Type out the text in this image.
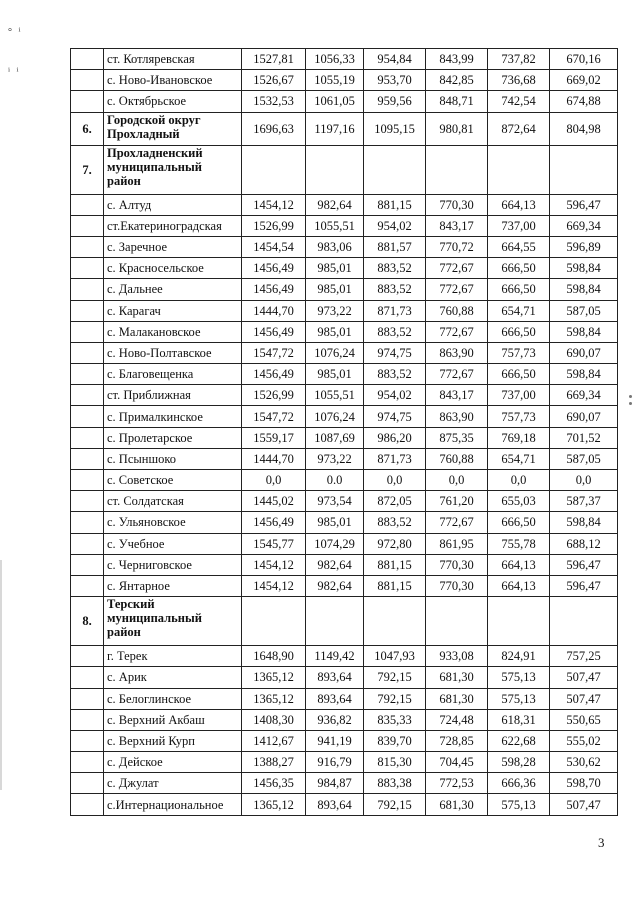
° ⁱ
ⁱ ⁱ
	ст. Котляревская	1527,81	1056,33	954,84	843,99	737,82	670,16
	с. Ново-Ивановское	1526,67	1055,19	953,70	842,85	736,68	669,02
	с. Октябрьское	1532,53	1061,05	959,56	848,71	742,54	674,88
6.	Городской округ Прохладный	1696,63	1197,16	1095,15	980,81	872,64	804,98
7.	Прохладненский муниципальный район						
	с. Алтуд	1454,12	982,64	881,15	770,30	664,13	596,47
	ст.Екатериноградская	1526,99	1055,51	954,02	843,17	737,00	669,34
	с. Заречное	1454,54	983,06	881,57	770,72	664,55	596,89
	с. Красносельское	1456,49	985,01	883,52	772,67	666,50	598,84
	с. Дальнее	1456,49	985,01	883,52	772,67	666,50	598,84
	с. Карагач	1444,70	973,22	871,73	760,88	654,71	587,05
	с. Малакановское	1456,49	985,01	883,52	772,67	666,50	598,84
	с. Ново-Полтавское	1547,72	1076,24	974,75	863,90	757,73	690,07
	с. Благовещенка	1456,49	985,01	883,52	772,67	666,50	598,84
	ст. Приближная	1526,99	1055,51	954,02	843,17	737,00	669,34
	с. Прималкинское	1547,72	1076,24	974,75	863,90	757,73	690,07
	с. Пролетарское	1559,17	1087,69	986,20	875,35	769,18	701,52
	с. Псыншоко	1444,70	973,22	871,73	760,88	654,71	587,05
	с. Советское	0,0	0.0	0,0	0,0	0,0	0,0
	ст. Солдатская	1445,02	973,54	872,05	761,20	655,03	587,37
	с. Ульяновское	1456,49	985,01	883,52	772,67	666,50	598,84
	с. Учебное	1545,77	1074,29	972,80	861,95	755,78	688,12
	с. Черниговское	1454,12	982,64	881,15	770,30	664,13	596,47
	с. Янтарное	1454,12	982,64	881,15	770,30	664,13	596,47
8.	Терский муниципальный район						
	г. Терек	1648,90	1149,42	1047,93	933,08	824,91	757,25
	с. Арик	1365,12	893,64	792,15	681,30	575,13	507,47
	с. Белоглинское	1365,12	893,64	792,15	681,30	575,13	507,47
	с. Верхний Акбаш	1408,30	936,82	835,33	724,48	618,31	550,65
	с. Верхний Курп	1412,67	941,19	839,70	728,85	622,68	555,02
	с. Дейское	1388,27	916,79	815,30	704,45	598,28	530,62
	с. Джулат	1456,35	984,87	883,38	772,53	666,36	598,70
	с.Интернациональное	1365,12	893,64	792,15	681,30	575,13	507,47
3
